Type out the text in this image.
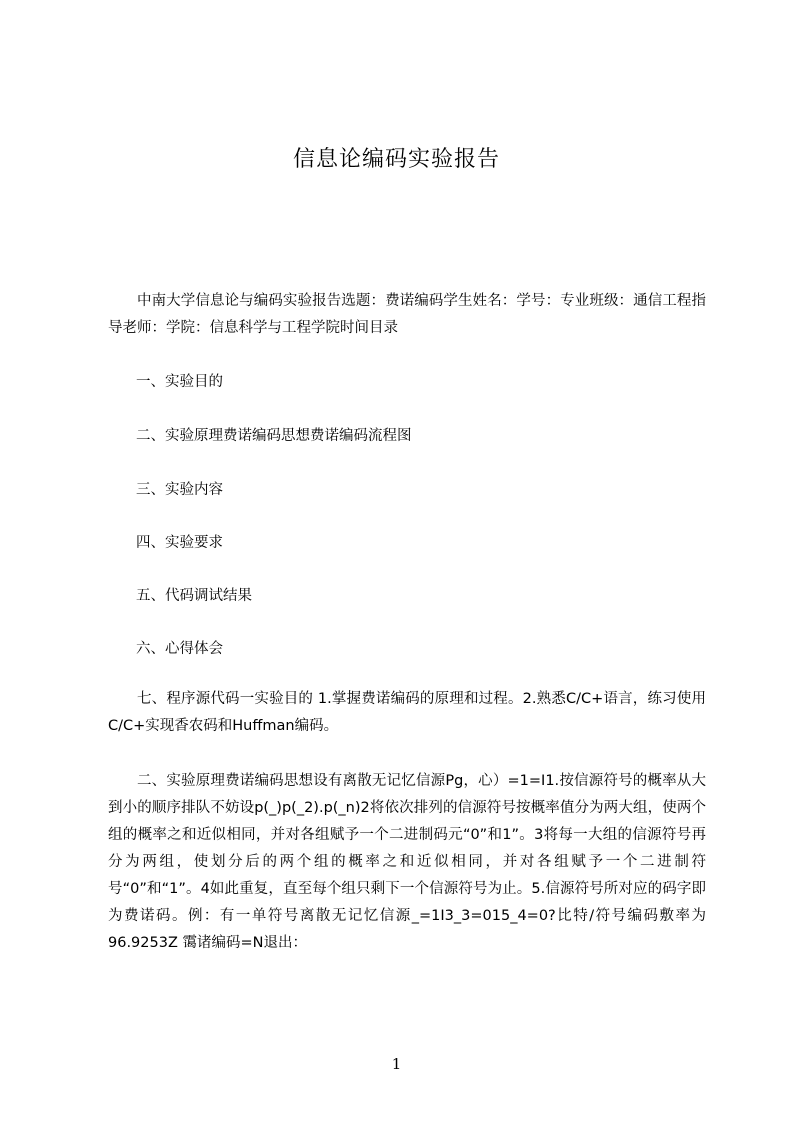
信息论编码实验报告

中南大学信息论与编码实验报告选题：费诺编码学生姓名：学号：专业班级：通信工程指导老师：学院：信息科学与工程学院时间目录

一、实验目的

二、实验原理费诺编码思想费诺编码流程图

三、实验内容

四、实验要求

五、代码调试结果

六、心得体会

七、程序源代码一实验目的 1.掌握费诺编码的原理和过程。2.熟悉C/C+语言，练习使用C/C+实现香农码和Huffman编码。

二、实验原理费诺编码思想设有离散无记忆信源Pg，心）=1=I1.按信源符号的概率从大到小的顺序排队不妨设p(_)p(_2).p(_n)2将依次排列的信源符号按概率值分为两大组，使两个组的概率之和近似相同，并对各组赋予一个二进制码元“0”和1”。3将每一大组的信源符号再分为两组，使划分后的两个组的概率之和近似相同，并对各组赋予一个二进制符号“0”和“1”。4如此重复，直至每个组只剩下一个信源符号为止。5.信源符号所对应的码字即为费诺码。例：有一单符号离散无记忆信源_=1I3_3=015_4=0?比特/符号编码敷率为96.9253Z 霭诸编码=N退出：

1
